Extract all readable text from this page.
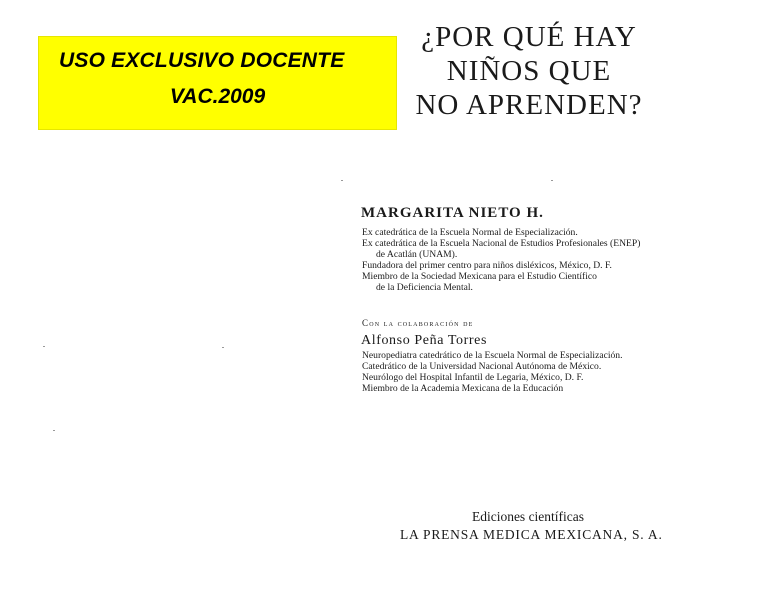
USO EXCLUSIVO DOCENTE
VAC.2009
¿POR QUÉ HAY
NIÑOS QUE
NO APRENDEN?
MARGARITA NIETO H.
Ex catedrática de la Escuela Normal de Especialización.
Ex catedrática de la Escuela Nacional de Estudios Profesionales (ENEP)
de Acatlán (UNAM).
Fundadora del primer centro para niños disléxicos, México, D. F.
Miembro de la Sociedad Mexicana para el Estudio Científico
de la Deficiencia Mental.
Con la colaboración de
Alfonso Peña Torres
Neuropediatra catedrático de la Escuela Normal de Especialización.
Catedrático de la Universidad Nacional Autónoma de México.
Neurólogo del Hospital Infantil de Legaria, México, D. F.
Miembro de la Academia Mexicana de la Educación
Ediciones científicas
LA PRENSA MEDICA MEXICANA, S. A.
